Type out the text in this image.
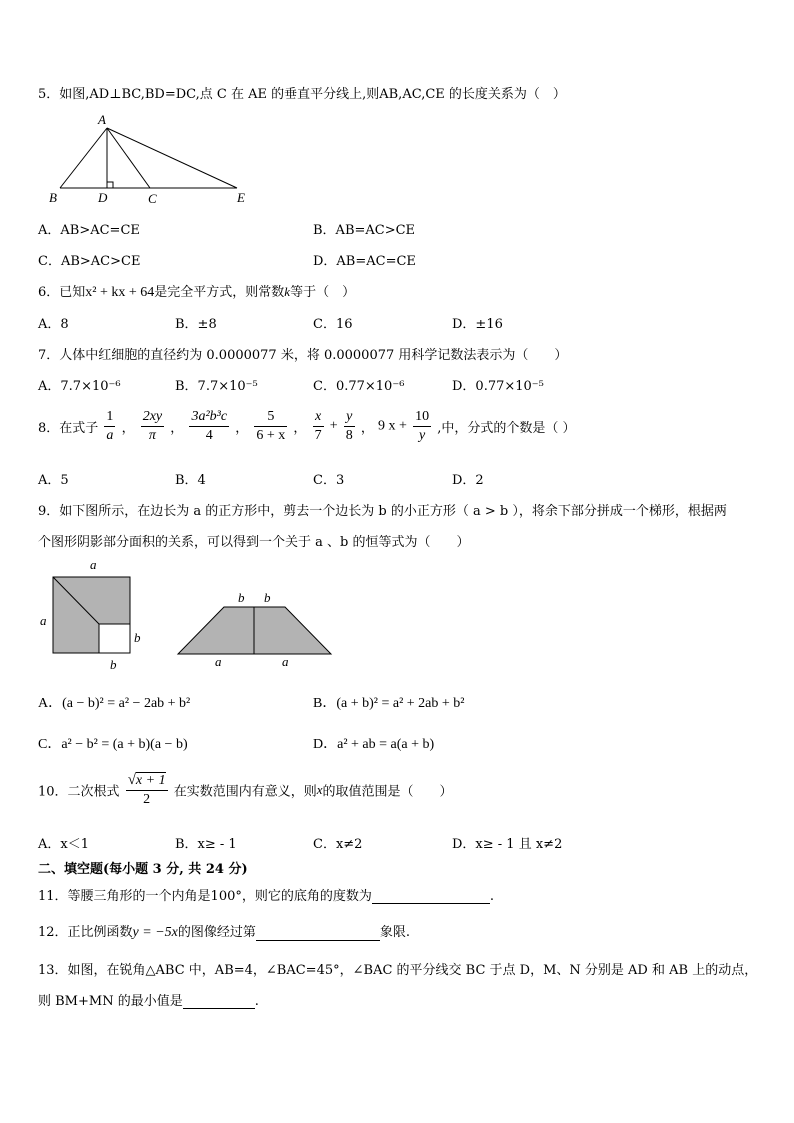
5．如图,AD⊥BC,BD=DC,点 C 在 AE 的垂直平分线上,则AB,AC,CE 的长度关系为（　）
A
B	D	C	E
A．AB>AC=CE	B．AB=AC>CE
C．AB>AC>CE	D．AB=AC=CE
6．已知x² + kx + 64是完全平方式，则常数k等于（　）
A．8	B．±8	C．16	D．±16
7．人体中红细胞的直径约为 0.0000077 米，将 0.0000077 用科学记数法表示为（　　）
A．7.7×10⁻⁶	B．7.7×10⁻⁵	C．0.77×10⁻⁶	D．0.77×10⁻⁵
8．在式子 $\frac{1}{a}$ ， $\frac{2xy}{\pi}$ ， $\frac{\text{3a²b³c}}{4}$ ， $\frac{5}{6 + x}$ ， $\frac{x}{7} + \frac{y}{8}$ ， 9 $x + \frac{10}{y}$ ,中，分式的个数是（ ）
A．5	B．4	C．3	D．2
9．如下图所示，在边长为 a 的正方形中，剪去一个边长为 b 的小正方形（ a > b ），将余下部分拼成一个梯形，根据两
个图形阴影部分面积的关系，可以得到一个关于 a 、b 的恒等式为（　　）
a
a
b
b
b b
a	a
A．(a − b)² = a² − 2ab + b²	B．(a + b)² = a² + 2ab + b²
C．a² − b² = (a + b)(a − b)	D．a² + ab = a(a + b)
10．二次根式 $\frac{√x + 1}{2}$ 在实数范围内有意义，则x的取值范围是（　　）
A．x＜1	B．x≥ - 1	C．x≠2	D．x≥ - 1 且 x≠2
二、填空题(每小题 3 分, 共 24 分)
11．等腰三角形的一个内角是100°，则它的底角的度数为	.
12．正比例函数y = −5x的图像经过第	象限.
13．如图，在锐角△ABC 中，AB=4，∠BAC=45°，∠BAC 的平分线交 BC 于点 D，M、N 分别是 AD 和 AB 上的动点，
则 BM+MN 的最小值是	.
